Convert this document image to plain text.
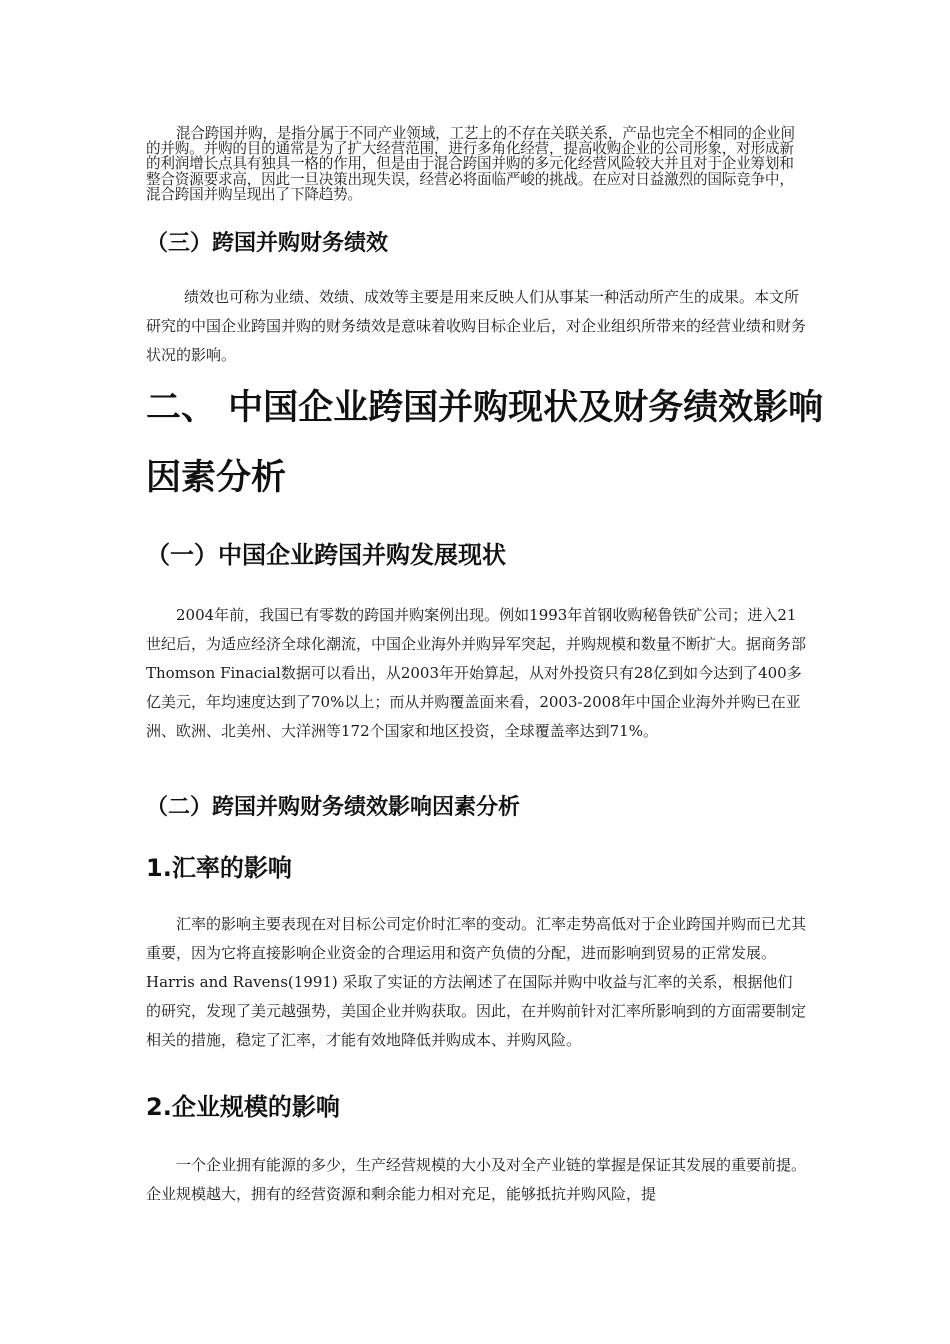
混合跨国并购，是指分属于不同产业领域，工艺上的不存在关联关系，产品也完全不相同的企业间的并购。并购的目的通常是为了扩大经营范围，进行多角化经营，提高收购企业的公司形象，对形成新的利润增长点具有独具一格的作用，但是由于混合跨国并购的多元化经营风险较大并且对于企业筹划和整合资源要求高，因此一旦决策出现失误，经营必将面临严峻的挑战。在应对日益激烈的国际竞争中，混合跨国并购呈现出了下降趋势。

（三）跨国并购财务绩效

绩效也可称为业绩、效绩、成效等主要是用来反映人们从事某一种活动所产生的成果。本文所研究的中国企业跨国并购的财务绩效是意味着收购目标企业后，对企业组织所带来的经营业绩和财务状况的影响。

二、 中国企业跨国并购现状及财务绩效影响因素分析
（一）中国企业跨国并购发展现状

2004年前，我国已有零数的跨国并购案例出现。例如1993年首钢收购秘鲁铁矿公司；进入21世纪后，为适应经济全球化潮流，中国企业海外并购异军突起，并购规模和数量不断扩大。据商务部Thomson Finacial数据可以看出，从2003年开始算起，从对外投资只有28亿到如今达到了400多亿美元，年均速度达到了70%以上；而从并购覆盖面来看，2003-2008年中国企业海外并购已在亚洲、欧洲、北美州、大洋洲等172个国家和地区投资，全球覆盖率达到71%。

（二）跨国并购财务绩效影响因素分析
1.汇率的影响

汇率的影响主要表现在对目标公司定价时汇率的变动。汇率走势高低对于企业跨国并购而已尤其重要，因为它将直接影响企业资金的合理运用和资产负债的分配，进而影响到贸易的正常发展。Harris and Ravens(1991) 采取了实证的方法阐述了在国际并购中收益与汇率的关系，根据他们的研究，发现了美元越强势，美国企业并购获取。因此，在并购前针对汇率所影响到的方面需要制定相关的措施，稳定了汇率，才能有效地降低并购成本、并购风险。

2.企业规模的影响

一个企业拥有能源的多少，生产经营规模的大小及对全产业链的掌握是保证其发展的重要前提。企业规模越大，拥有的经营资源和剩余能力相对充足，能够抵抗并购风险，提
